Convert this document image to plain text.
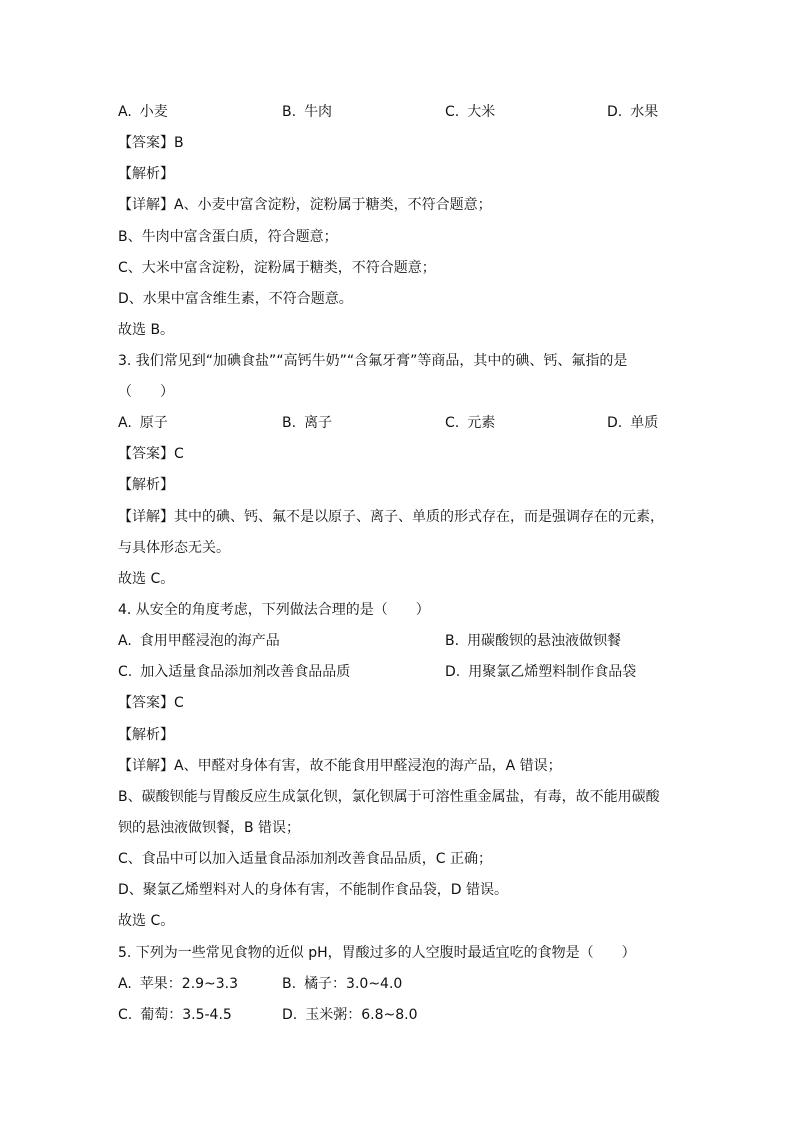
A. 小麦	B. 牛肉	C. 大米	D. 水果
【答案】B
【解析】
【详解】A、小麦中富含淀粉，淀粉属于糖类，不符合题意；
B、牛肉中富含蛋白质，符合题意；
C、大米中富含淀粉，淀粉属于糖类，不符合题意；
D、水果中富含维生素，不符合题意。
故选 B。
3. 我们常见到“加碘食盐”“高钙牛奶”“含氟牙膏”等商品，其中的碘、钙、氟指的是
（　　）
A. 原子	B. 离子	C. 元素	D. 单质
【答案】C
【解析】
【详解】其中的碘、钙、氟不是以原子、离子、单质的形式存在，而是强调存在的元素，
与具体形态无关。
故选 C。
4. 从安全的角度考虑，下列做法合理的是（　　）
A. 食用甲醛浸泡的海产品	B. 用碳酸钡的悬浊液做钡餐
C. 加入适量食品添加剂改善食品品质	D. 用聚氯乙烯塑料制作食品袋
【答案】C
【解析】
【详解】A、甲醛对身体有害，故不能食用甲醛浸泡的海产品，A 错误；
B、碳酸钡能与胃酸反应生成氯化钡，氯化钡属于可溶性重金属盐，有毒，故不能用碳酸
钡的悬浊液做钡餐，B 错误；
C、食品中可以加入适量食品添加剂改善食品品质，C 正确；
D、聚氯乙烯塑料对人的身体有害，不能制作食品袋，D 错误。
故选 C。
5. 下列为一些常见食物的近似 pH，胃酸过多的人空腹时最适宜吃的食物是（　　）
A. 苹果：2.9~3.3	B. 橘子：3.0~4.0
C. 葡萄：3.5-4.5	D. 玉米粥：6.8~8.0
